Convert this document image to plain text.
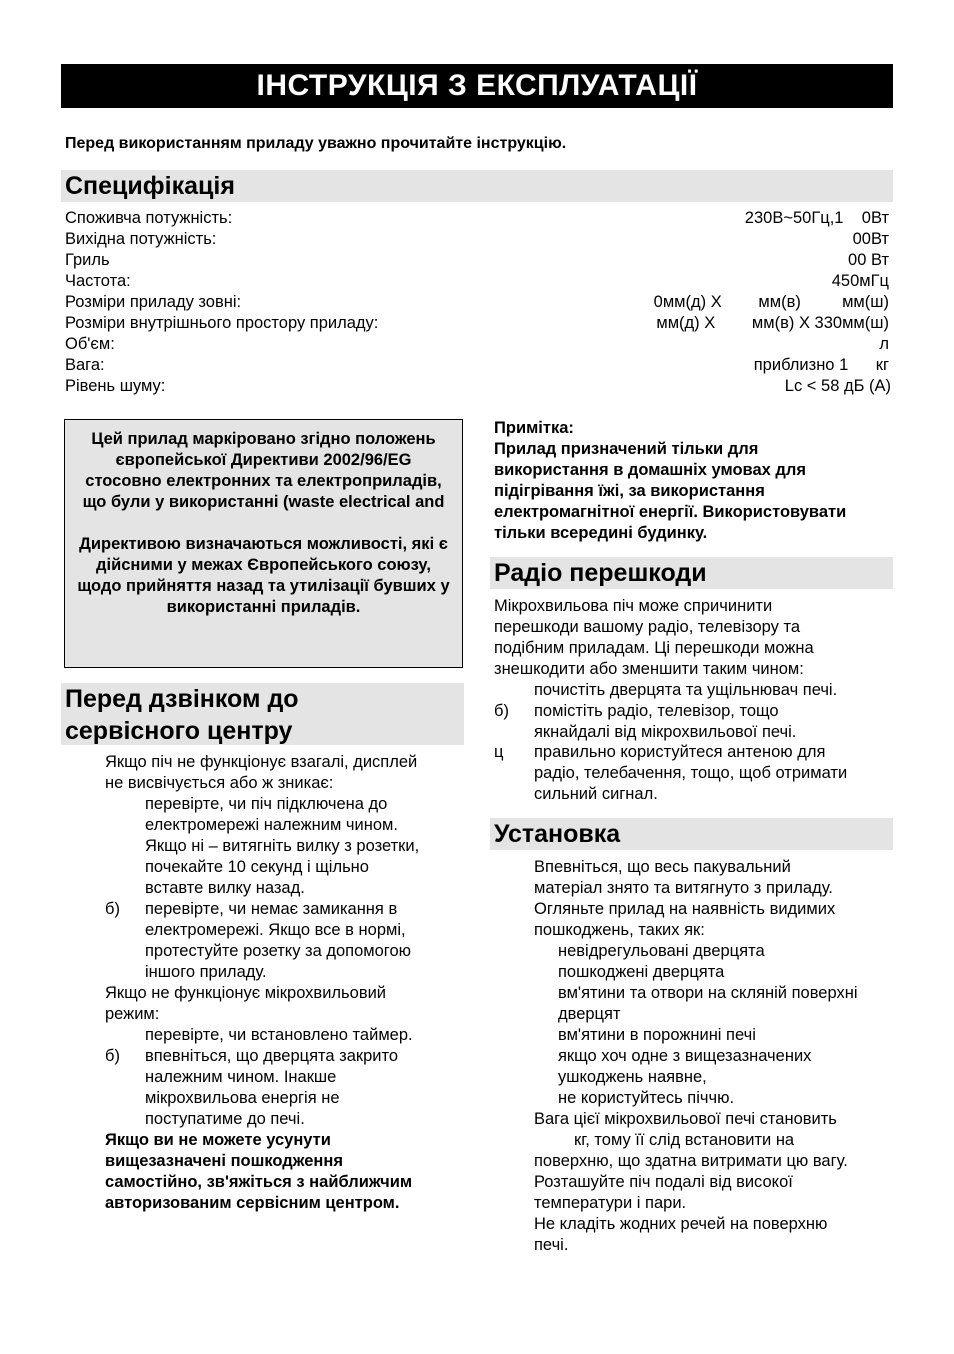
ІНСТРУКЦІЯ З ЕКСПЛУАТАЦІЇ
Перед використанням приладу уважно прочитайте інструкцію.
Специфікація
Споживча потужність:	230В~50Гц,1    0Вт
Вихідна потужність:	00Вт
Гриль	00 Вт
Частота:	450мГц
Розміри приладу зовні:	0мм(д) Х        мм(в)         мм(ш)
Розміри внутрішнього простору приладу:	мм(д) Х        мм(в) Х 330мм(ш)
Об'єм:	л
Вага:	приблизно 1      кг
Рівень шуму:	Lc < 58 дБ (A)

Цей прилад маркіровано згідно положень європейської Директиви 2002/96/EG стосовно електронних та електроприладів, що були у використанні (waste electrical and

Директивою визначаються можливості, які є дійсними у межах Європейського союзу, щодо прийняття назад та утилізації бувших у використанні приладів.

Перед дзвінком до
сервісного центру
Якщо піч не функціонує взагалі, дисплей
не висвічується або ж зникає:
перевірте, чи піч підключена до
електромережі належним чином.
Якщо ні – витягніть вилку з розетки,
почекайте 10 секунд і щільно
вставте вилку назад.
б) перевірте, чи немає замикання в
електромережі. Якщо все в нормі,
протестуйте розетку за допомогою
іншого приладу.
Якщо не функціонує мікрохвильовий
режим:
перевірте, чи встановлено таймер.
б) впевніться, що дверцята закрито
належним чином. Інакше
мікрохвильова енергія не
поступатиме до печі.
Якщо ви не можете усунути
вищезазначені пошкодження
самостійно, зв'яжіться з найближчим
авторизованим сервісним центром.
Примітка:
Прилад призначений тільки для
використання в домашніх умовах для
підігрівання їжі, за використання
електромагнітної енергії. Використовувати
тільки всередині будинку.
Радіо перешкоди
Мікрохвильова піч може спричинити
перешкоди вашому радіо, телевізору та
подібним приладам. Ці перешкоди можна
знешкодити або зменшити таким чином:
почистіть дверцята та ущільнювач печі.
б) помістіть радіо, телевізор, тощо
якнайдалі від мікрохвильової печі.
ц правильно користуйтеся антеною для
радіо, телебачення, тощо, щоб отримати
сильний сигнал.
Установка
Впевніться, що весь пакувальний
матеріал знято та витягнуто з приладу.
Огляньте прилад на наявність видимих
пошкоджень, таких як:
невідрегульовані дверцята
пошкоджені дверцята
вм'ятини та отвори на скляній поверхні
дверцят
вм'ятини в порожнині печі
якщо хоч одне з вищезазначених
ушкоджень наявне,
не користуйтесь піччю.
Вага цієї мікрохвильової печі становить
кг, тому її слід встановити на
поверхню, що здатна витримати цю вагу.
Розташуйте піч подалі від високої
температури і пари.
Не кладіть жодних речей на поверхню
печі.
